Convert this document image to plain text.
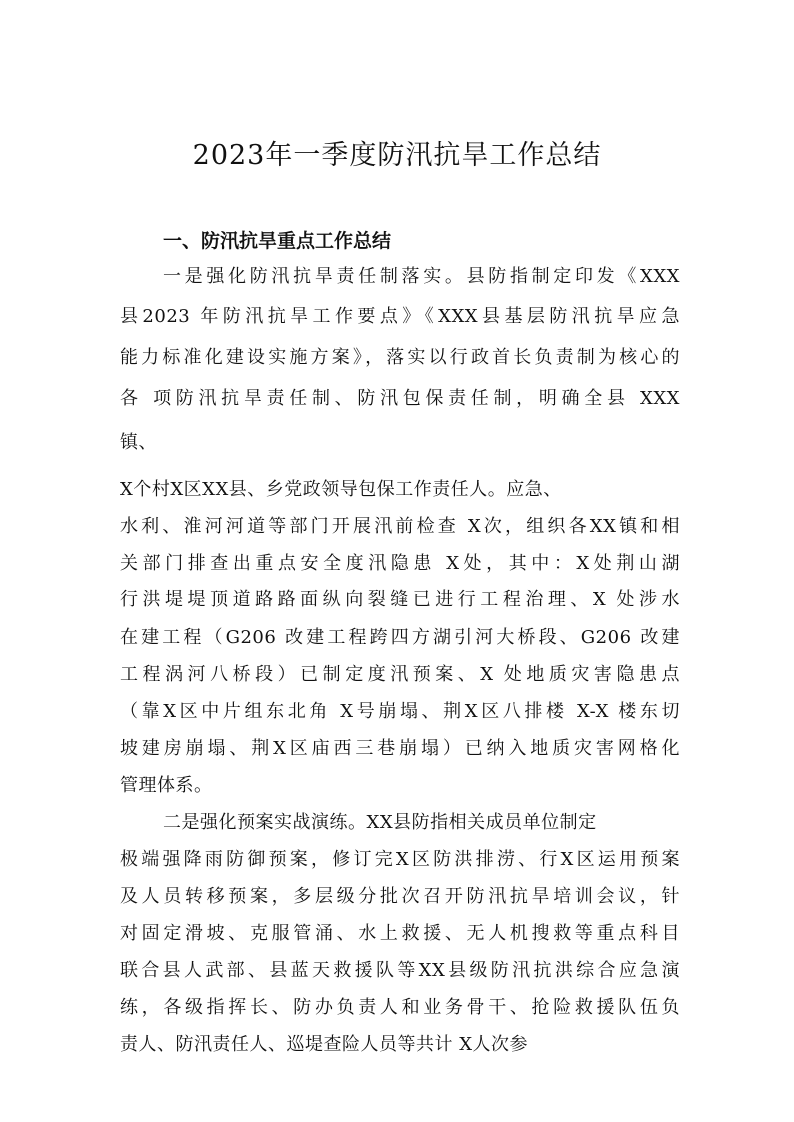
2023年一季度防汛抗旱工作总结
一、防汛抗旱重点工作总结
一是强化防汛抗旱责任制落实。县防指制定印发《XXX
县2023 年防汛抗旱工作要点》《XXX县基层防汛抗旱应急
能力标准化建设实施方案》，落实以行政首长负责制为核心的
各 项防汛抗旱责任制、防汛包保责任制，明确全县 XXX
镇、
X个村X区XX县、乡党政领导包保工作责任人。应急、
水利、淮河河道等部门开展汛前检查 X次，组织各XX镇和相
关部门排查出重点安全度汛隐患 X处，其中：X处荆山湖
行洪堤堤顶道路路面纵向裂缝已进行工程治理、X 处涉水
在建工程（G206 改建工程跨四方湖引河大桥段、G206 改建
工程涡河八桥段）已制定度汛预案、X 处地质灾害隐患点
（靠X区中片组东北角 X号崩塌、荆X区八排楼 X-X 楼东切
坡建房崩塌、荆X区庙西三巷崩塌）已纳入地质灾害网格化
管理体系。
二是强化预案实战演练。XX县防指相关成员单位制定
极端强降雨防御预案，修订完X区防洪排涝、行X区运用预案
及人员转移预案，多层级分批次召开防汛抗旱培训会议，针
对固定滑坡、克服管涌、水上救援、无人机搜救等重点科目
联合县人武部、县蓝天救援队等XX县级防汛抗洪综合应急演
练，各级指挥长、防办负责人和业务骨干、抢险救援队伍负
责人、防汛责任人、巡堤查险人员等共计 X人次参
